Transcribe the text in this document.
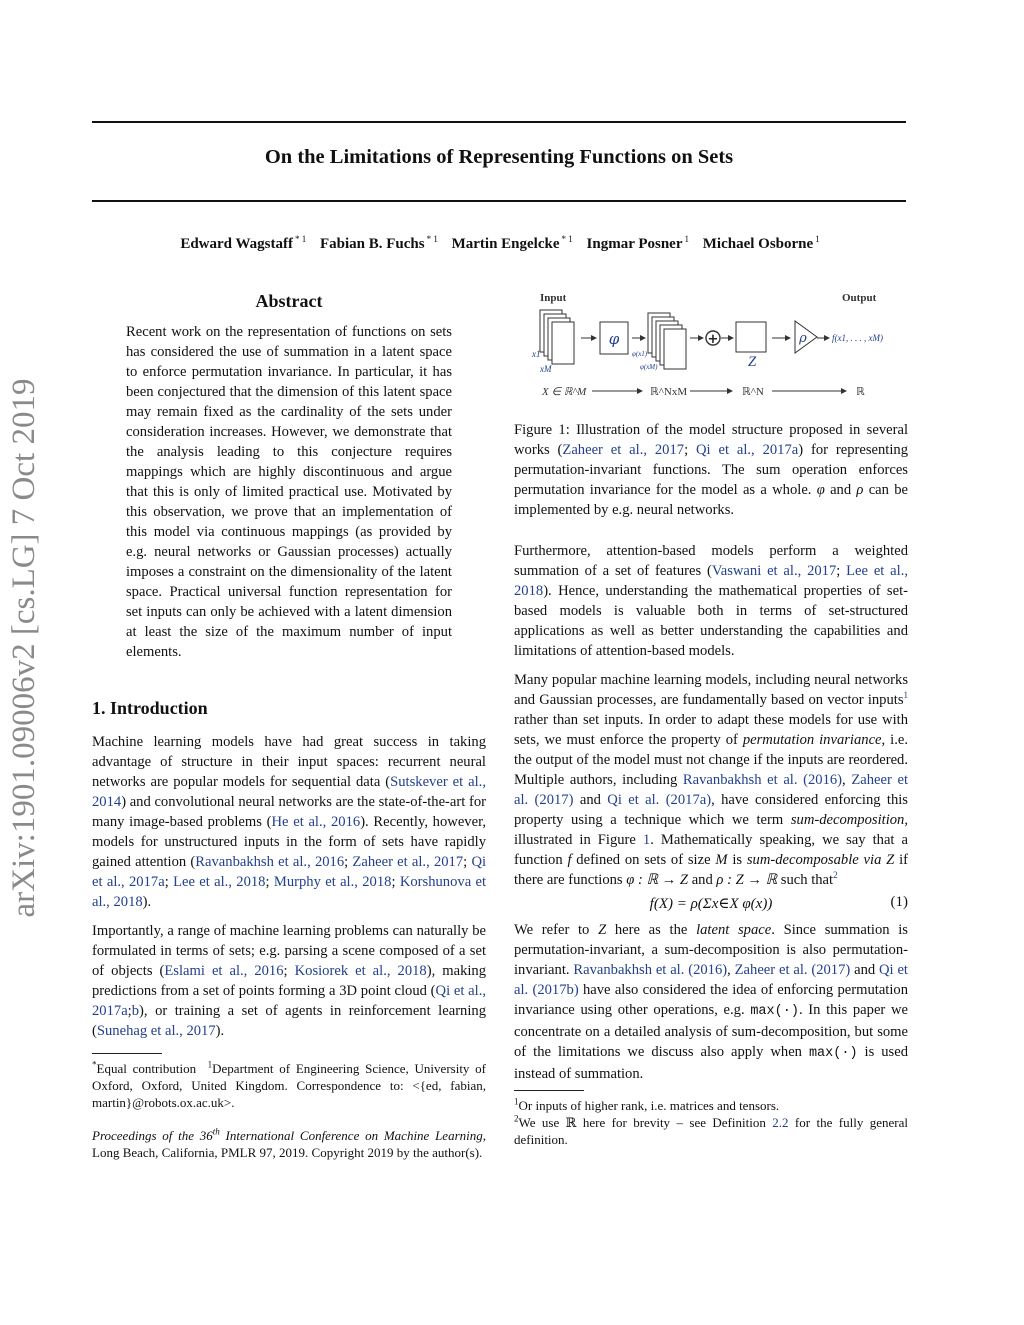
On the Limitations of Representing Functions on Sets
Edward Wagstaff $^{* 1}$ Fabian B. Fuchs $^{* 1}$ Martin Engelcke $^{* 1}$ Ingmar Posner $^1$ Michael Osborne $^1$
arXiv:1901.09006v2 [cs.LG] 7 Oct 2019
Abstract

Recent work on the representation of functions on sets has considered the use of summation in a latent space to enforce permutation invariance. In particular, it has been conjectured that the dimension of this latent space may remain fixed as the cardinality of the sets under consideration increases. However, we demonstrate that the analysis leading to this conjecture requires mappings which are highly discontinuous and argue that this is only of limited practical use. Motivated by this observation, we prove that an implementation of this model via continuous mappings (as provided by e.g. neural networks or Gaussian processes) actually imposes a constraint on the dimensionality of the latent space. Practical universal function representation for set inputs can only be achieved with a latent dimension at least the size of the maximum number of input elements.

1. Introduction

Machine learning models have had great success in taking advantage of structure in their input spaces: recurrent neural networks are popular models for sequential data (Sutskever et al., 2014) and convolutional neural networks are the state-of-the-art for many image-based problems (He et al., 2016). Recently, however, models for unstructured inputs in the form of sets have rapidly gained attention (Ravanbakhsh et al., 2016; Zaheer et al., 2017; Qi et al., 2017a; Lee et al., 2018; Murphy et al., 2018; Korshunova et al., 2018).

Importantly, a range of machine learning problems can naturally be formulated in terms of sets; e.g. parsing a scene composed of a set of objects (Eslami et al., 2016; Kosiorek et al., 2018), making predictions from a set of points forming a 3D point cloud (Qi et al., 2017a;b), or training a set of agents in reinforcement learning (Sunehag et al., 2017).

*Equal contribution $^1$Department of Engineering Science, University of Oxford, Oxford, United Kingdom. Correspondence to: <{ed, fabian, martin}@robots.ox.ac.uk>.

Proceedings of the 36th International Conference on Machine Learning, Long Beach, California, PMLR 97, 2019. Copyright 2019 by the author(s).

Input	Output
x1
xM
φ
φ(x1)
φ(xM)
+
Z
ρ	f(x1, . . . , xM)
X ∈ ℝ^M	ℝ^NxM	ℝ^N	ℝ

Figure 1: Illustration of the model structure proposed in several works (Zaheer et al., 2017; Qi et al., 2017a) for representing permutation-invariant functions. The sum operation enforces permutation invariance for the model as a whole. φ and ρ can be implemented by e.g. neural networks.

Furthermore, attention-based models perform a weighted summation of a set of features (Vaswani et al., 2017; Lee et al., 2018). Hence, understanding the mathematical properties of set-based models is valuable both in terms of set-structured applications as well as better understanding the capabilities and limitations of attention-based models.

Many popular machine learning models, including neural networks and Gaussian processes, are fundamentally based on vector inputs$^1$ rather than set inputs. In order to adapt these models for use with sets, we must enforce the property of permutation invariance, i.e. the output of the model must not change if the inputs are reordered. Multiple authors, including Ravanbakhsh et al. (2016), Zaheer et al. (2017) and Qi et al. (2017a), have considered enforcing this property using a technique which we term sum-decomposition, illustrated in Figure 1. Mathematically speaking, we say that a function f defined on sets of size M is sum-decomposable via Z if there are functions φ : ℝ → Z and ρ : Z → ℝ such that$^2$

f(X) = ρ(Σx∈X φ(x))	(1)

We refer to Z here as the latent space. Since summation is permutation-invariant, a sum-decomposition is also permutation-invariant. Ravanbakhsh et al. (2016), Zaheer et al. (2017) and Qi et al. (2017b) have also considered the idea of enforcing permutation invariance using other operations, e.g. max(·). In this paper we concentrate on a detailed analysis of sum-decomposition, but some of the limitations we discuss also apply when max(·) is used instead of summation.

$^1$Or inputs of higher rank, i.e. matrices and tensors.

$^2$We use ℝ here for brevity – see Definition 2.2 for the fully general definition.
